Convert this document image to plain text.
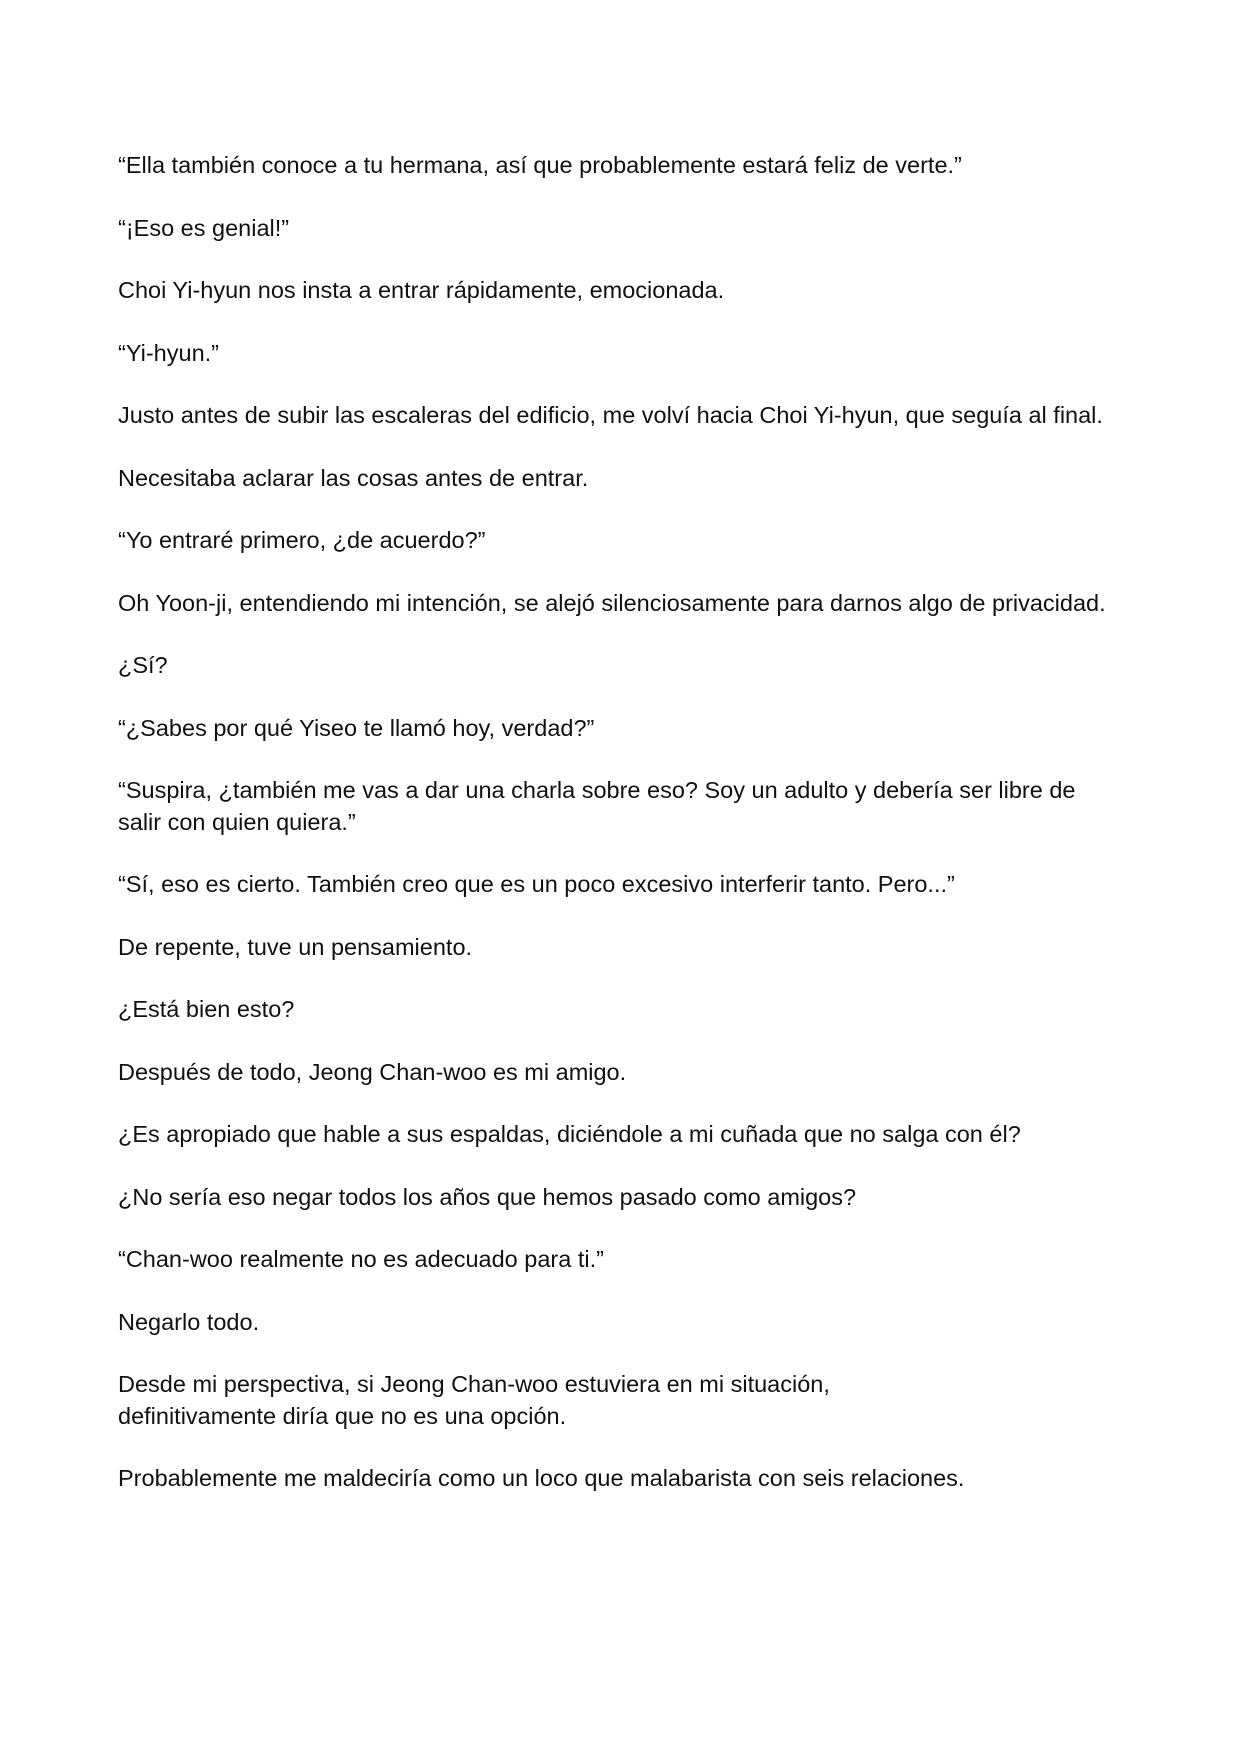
“Ella también conoce a tu hermana, así que probablemente estará feliz de verte.”

“¡Eso es genial!”

Choi Yi-hyun nos insta a entrar rápidamente, emocionada.

“Yi-hyun.”

Justo antes de subir las escaleras del edificio, me volví hacia Choi Yi-hyun, que seguía al final.

Necesitaba aclarar las cosas antes de entrar.

“Yo entraré primero, ¿de acuerdo?”

Oh Yoon-ji, entendiendo mi intención, se alejó silenciosamente para darnos algo de privacidad.

¿Sí?

“¿Sabes por qué Yiseo te llamó hoy, verdad?”

“Suspira, ¿también me vas a dar una charla sobre eso? Soy un adulto y debería ser libre de salir con quien quiera.”

“Sí, eso es cierto. También creo que es un poco excesivo interferir tanto. Pero...”

De repente, tuve un pensamiento.

¿Está bien esto?

Después de todo, Jeong Chan-woo es mi amigo.

¿Es apropiado que hable a sus espaldas, diciéndole a mi cuñada que no salga con él?

¿No sería eso negar todos los años que hemos pasado como amigos?

“Chan-woo realmente no es adecuado para ti.”

Negarlo todo.

Desde mi perspectiva, si Jeong Chan-woo estuviera en mi situación, definitivamente diría que no es una opción.

Probablemente me maldeciría como un loco que malabarista con seis relaciones.
